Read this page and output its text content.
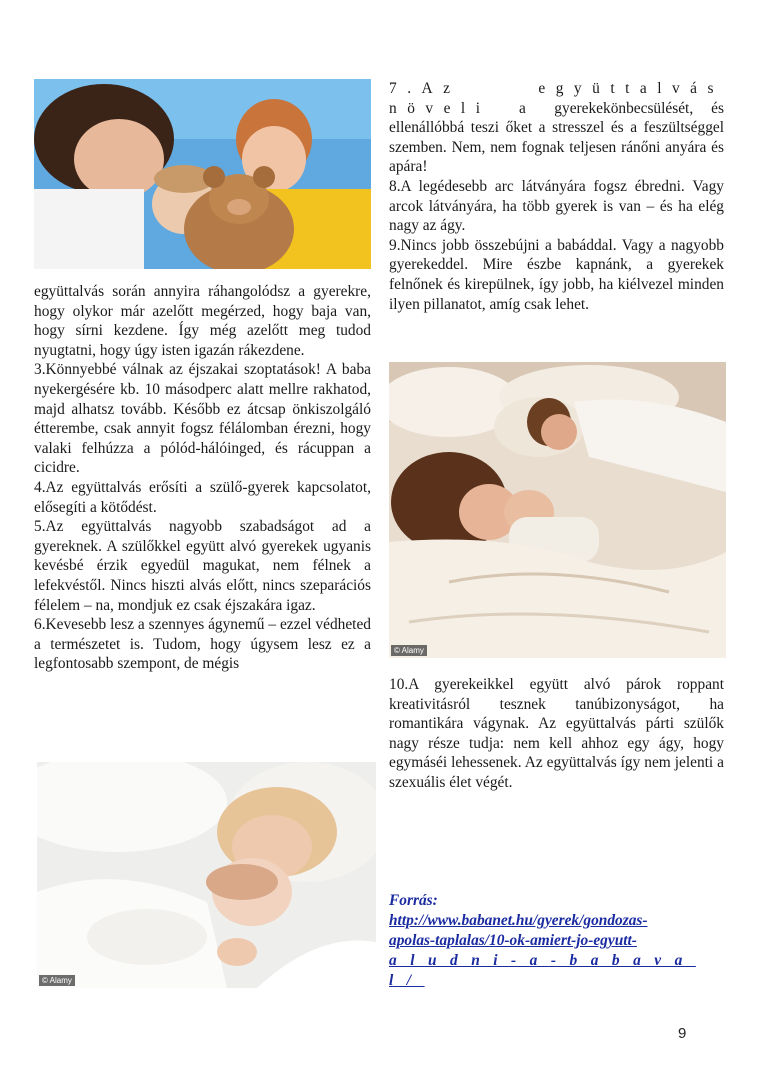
együttalvás során annyira ráhangolódsz a gyerekre, hogy olykor már azelőtt megérzed, hogy baja van, hogy sírni kezdene. Így még azelőtt meg tudod nyugtatni, hogy úgy isten igazán rákezdene.

3.Könnyebbé válnak az éjszakai szoptatások! A baba nyekergésére kb. 10 másodperc alatt mellre rakhatod, majd alhatsz tovább. Később ez átcsap önkiszolgáló étterembe, csak annyit fogsz félálomban érezni, hogy valaki felhúzza a pólód-hálóinged, és rácuppan a cicidre.

4.Az együttalvás erősíti a szülő-gyerek kapcsolatot, elősegíti a kötődést.

5.Az együttalvás nagyobb szabadságot ad a gyereknek. A szülőkkel együtt alvó gyerekek ugyanis kevésbé érzik egyedül magukat, nem félnek a lefekvéstől. Nincs hiszti alvás előtt, nincs szeparációs félelem – na, mondjuk ez csak éjszakára igaz.

6.Kevesebb lesz a szennyes ágynemű – ezzel védheted a természetet is. Tudom, hogy úgysem lesz ez a legfontosabb szempont, de mégis

7.Az együttalvás növeli a gyerekekönbecsülését, és ellenállóbbá teszi őket a stresszel és a feszültséggel szemben. Nem, nem fognak teljesen ránőni anyára és apára!

8.A legédesebb arc látványára fogsz ébredni. Vagy arcok látványára, ha több gyerek is van – és ha elég nagy az ágy.

9.Nincs jobb összebújni a babáddal. Vagy a nagyobb gyerekeddel. Mire észbe kapnánk, a gyerekek felnőnek és kirepülnek, így jobb, ha kiélvezel minden ilyen pillanatot, amíg csak lehet.

© Alamy

10.A gyerekeikkel együtt alvó párok roppant kreativitásról tesznek tanúbizonyságot, ha romantikára vágynak. Az együttalvás párti szülők nagy része tudja: nem kell ahhoz egy ágy, hogy egymáséi lehessenek. Az együttalvás így nem jelenti a szexuális élet végét.

© Alamy
Forrás:
http://www.babanet.hu/gyerek/gondozas-
apolas-taplalas/10-ok-amiert-jo-egyutt-
aludni-a-babaval/
9
